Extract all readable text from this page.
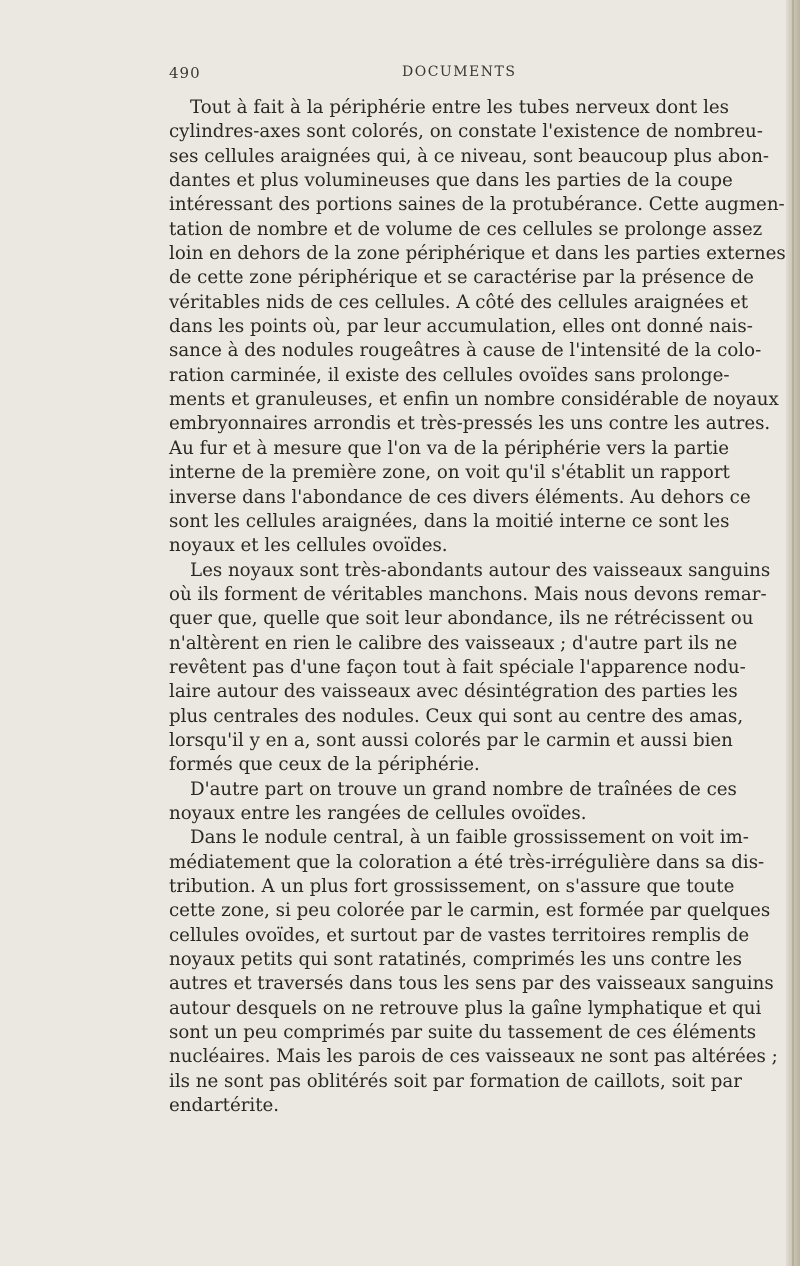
490	DOCUMENTS
Tout à fait à la périphérie entre les tubes nerveux dont les
cylindres-axes sont colorés, on constate l'existence de nombreu-
ses cellules araignées qui, à ce niveau, sont beaucoup plus abon-
dantes et plus volumineuses que dans les parties de la coupe
intéressant des portions saines de la protubérance. Cette augmen-
tation de nombre et de volume de ces cellules se prolonge assez
loin en dehors de la zone périphérique et dans les parties externes
de cette zone périphérique et se caractérise par la présence de
véritables nids de ces cellules. A côté des cellules araignées et
dans les points où, par leur accumulation, elles ont donné nais-
sance à des nodules rougeâtres à cause de l'intensité de la colo-
ration carminée, il existe des cellules ovoïdes sans prolonge-
ments et granuleuses, et enfin un nombre considérable de noyaux
embryonnaires arrondis et très-pressés les uns contre les autres.
Au fur et à mesure que l'on va de la périphérie vers la partie
interne de la première zone, on voit qu'il s'établit un rapport
inverse dans l'abondance de ces divers éléments. Au dehors ce
sont les cellules araignées, dans la moitié interne ce sont les
noyaux et les cellules ovoïdes.
Les noyaux sont très-abondants autour des vaisseaux sanguins
où ils forment de véritables manchons. Mais nous devons remar-
quer que, quelle que soit leur abondance, ils ne rétrécissent ou
n'altèrent en rien le calibre des vaisseaux ; d'autre part ils ne
revêtent pas d'une façon tout à fait spéciale l'apparence nodu-
laire autour des vaisseaux avec désintégration des parties les
plus centrales des nodules. Ceux qui sont au centre des amas,
lorsqu'il y en a, sont aussi colorés par le carmin et aussi bien
formés que ceux de la périphérie.
D'autre part on trouve un grand nombre de traînées de ces
noyaux entre les rangées de cellules ovoïdes.
Dans le nodule central, à un faible grossissement on voit im-
médiatement que la coloration a été très-irrégulière dans sa dis-
tribution. A un plus fort grossissement, on s'assure que toute
cette zone, si peu colorée par le carmin, est formée par quelques
cellules ovoïdes, et surtout par de vastes territoires remplis de
noyaux petits qui sont ratatinés, comprimés les uns contre les
autres et traversés dans tous les sens par des vaisseaux sanguins
autour desquels on ne retrouve plus la gaîne lymphatique et qui
sont un peu comprimés par suite du tassement de ces éléments
nucléaires. Mais les parois de ces vaisseaux ne sont pas altérées ;
ils ne sont pas oblitérés soit par formation de caillots, soit par
endartérite.
